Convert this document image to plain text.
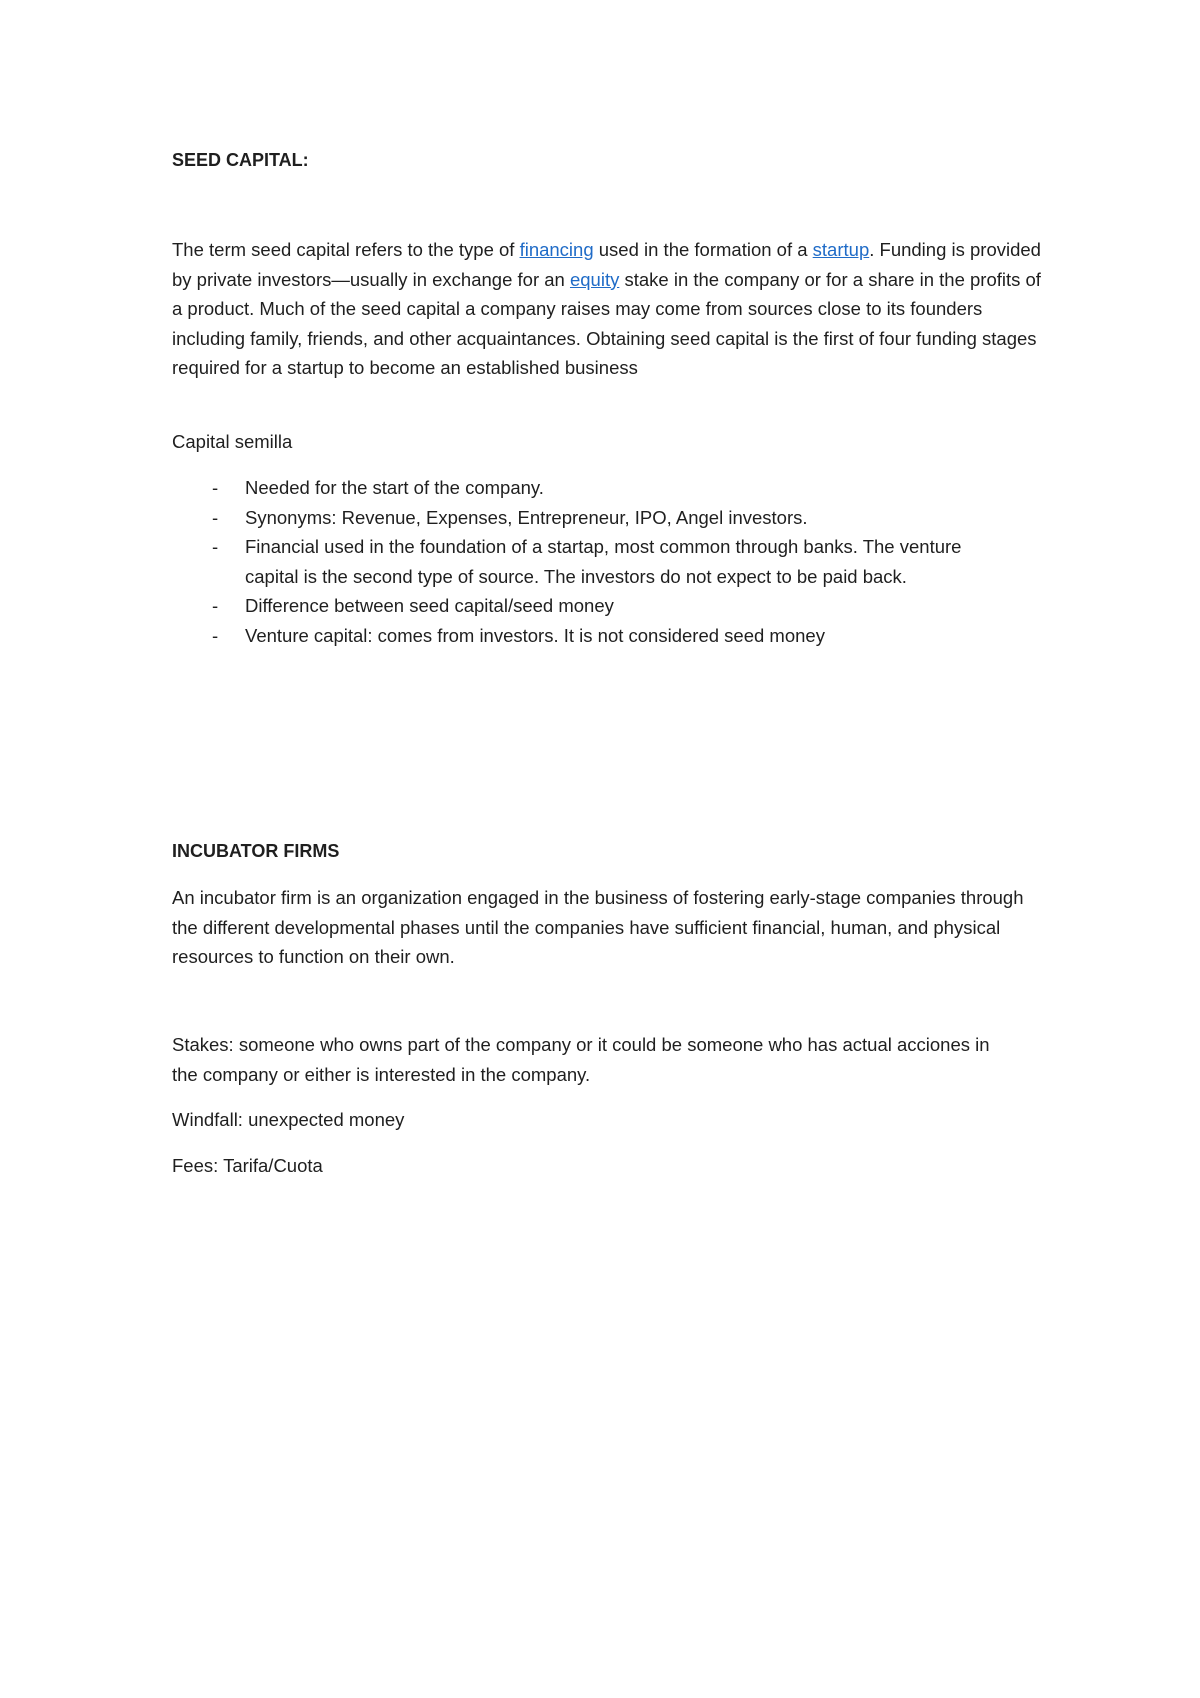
SEED CAPITAL:
The term seed capital refers to the type of financing used in the formation of a startup. Funding is provided by private investors—usually in exchange for an equity stake in the company or for a share in the profits of a product. Much of the seed capital a company raises may come from sources close to its founders including family, friends, and other acquaintances. Obtaining seed capital is the first of four funding stages required for a startup to become an established business
Capital semilla
- Needed for the start of the company.
- Synonyms: Revenue, Expenses, Entrepreneur, IPO, Angel investors.
- Financial used in the foundation of a startap, most common through banks. The venture capital is the second type of source. The investors do not expect to be paid back.
- Difference between seed capital/seed money
- Venture capital: comes from investors. It is not considered seed money
INCUBATOR FIRMS
An incubator firm is an organization engaged in the business of fostering early-stage companies through the different developmental phases until the companies have sufficient financial, human, and physical resources to function on their own.
Stakes: someone who owns part of the company or it could be someone who has actual acciones in the company or either is interested in the company.
Windfall: unexpected money
Fees: Tarifa/Cuota
